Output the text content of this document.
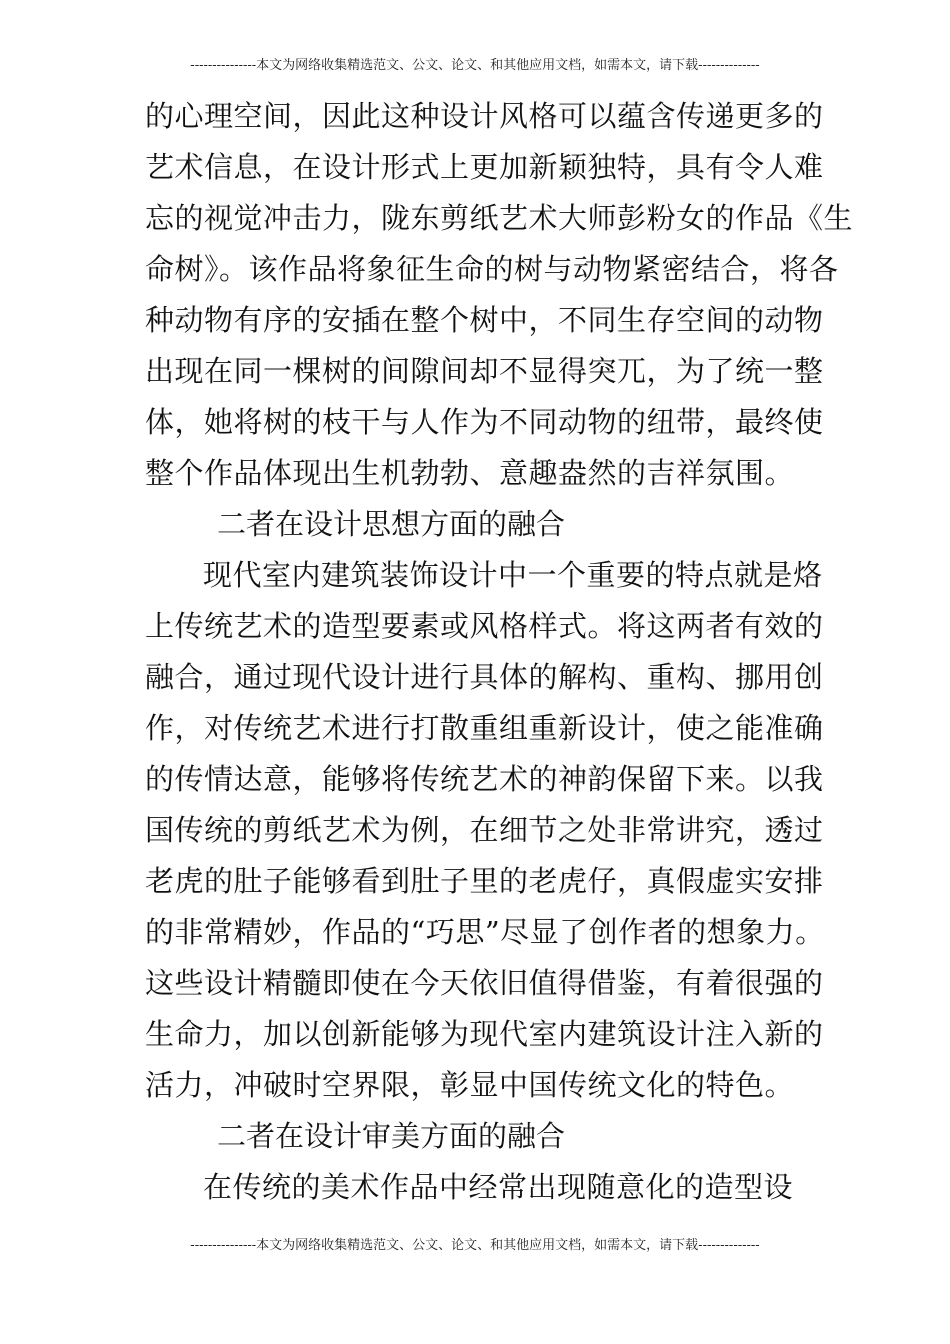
---------------本文为网络收集精选范文、公文、论文、和其他应用文档，如需本文，请下载--------------
的心理空间，因此这种设计风格可以蕴含传递更多的
艺术信息，在设计形式上更加新颖独特，具有令人难
忘的视觉冲击力，陇东剪纸艺术大师彭粉女的作品《生
命树》。该作品将象征生命的树与动物紧密结合，将各
种动物有序的安插在整个树中，不同生存空间的动物
出现在同一棵树的间隙间却不显得突兀，为了统一整
体，她将树的枝干与人作为不同动物的纽带，最终使
整个作品体现出生机勃勃、意趣盎然的吉祥氛围。
二者在设计思想方面的融合
现代室内建筑装饰设计中一个重要的特点就是烙
上传统艺术的造型要素或风格样式。将这两者有效的
融合，通过现代设计进行具体的解构、重构、挪用创
作，对传统艺术进行打散重组重新设计，使之能准确
的传情达意，能够将传统艺术的神韵保留下来。以我
国传统的剪纸艺术为例，在细节之处非常讲究，透过
老虎的肚子能够看到肚子里的老虎仔，真假虚实安排
的非常精妙，作品的“巧思”尽显了创作者的想象力。
这些设计精髓即使在今天依旧值得借鉴，有着很强的
生命力，加以创新能够为现代室内建筑设计注入新的
活力，冲破时空界限，彰显中国传统文化的特色。
二者在设计审美方面的融合
在传统的美术作品中经常出现随意化的造型设
---------------本文为网络收集精选范文、公文、论文、和其他应用文档，如需本文，请下载--------------
